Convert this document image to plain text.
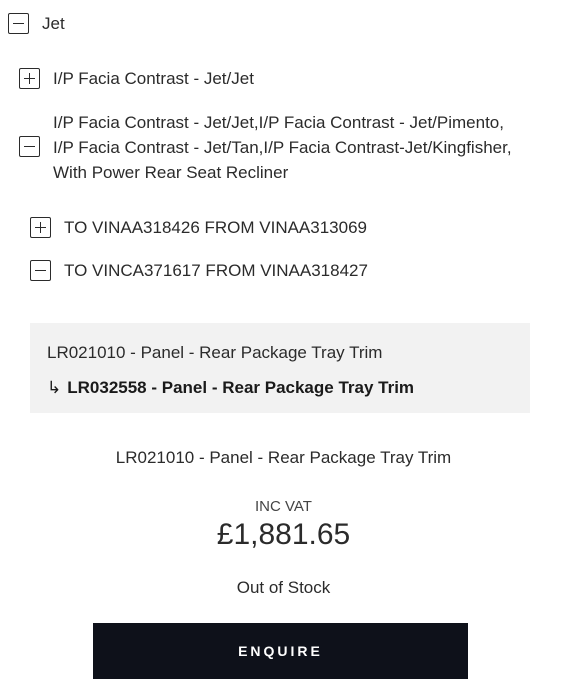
Jet
I/P Facia Contrast - Jet/Jet
I/P Facia Contrast - Jet/Jet,I/P Facia Contrast - Jet/Pimento,
I/P Facia Contrast - Jet/Tan,I/P Facia Contrast-Jet/Kingfisher,
With Power Rear Seat Recliner
TO VINAA318426 FROM VINAA313069
TO VINCA371617 FROM VINAA318427
LR021010 - Panel - Rear Package Tray Trim
↳ LR032558 - Panel - Rear Package Tray Trim
LR021010 - Panel - Rear Package Tray Trim
INC VAT
£1,881.65
Out of Stock
ENQUIRE
